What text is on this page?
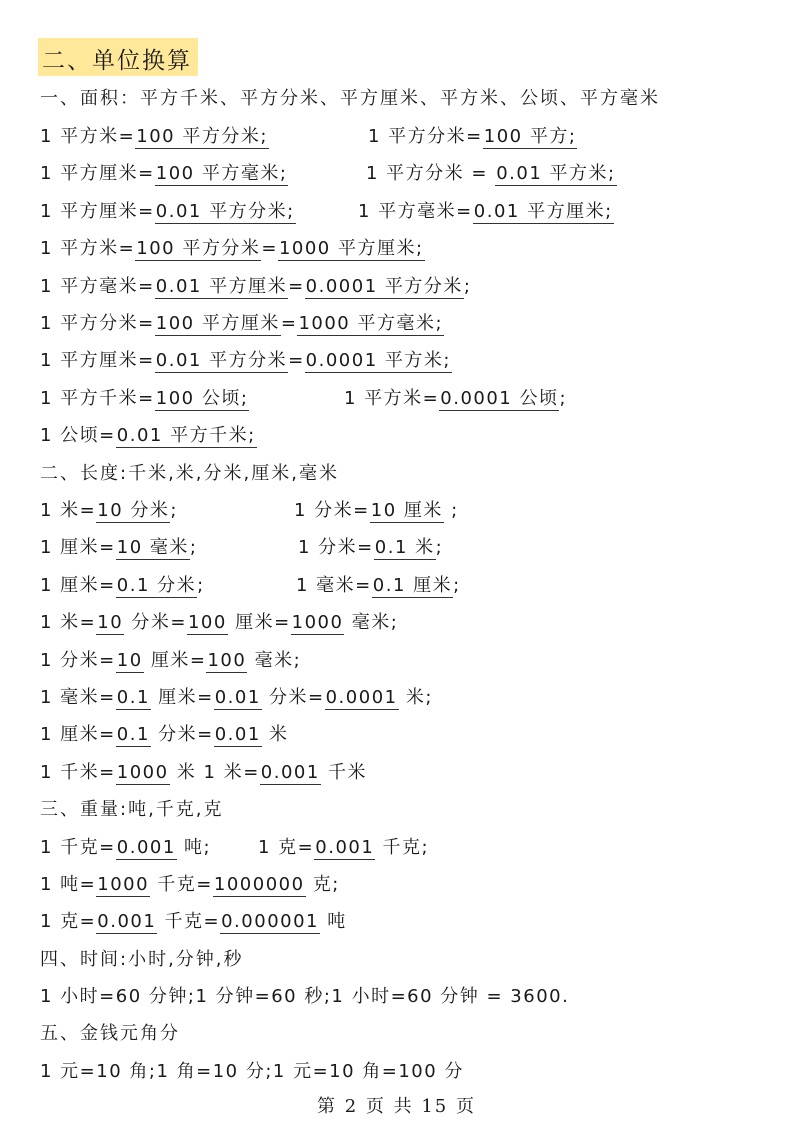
二、单位换算
一、面积：平方千米、平方分米、平方厘米、平方米、公顷、平方毫米
1 平方米=100 平方分米;	1 平方分米=100 平方;
1 平方厘米=100 平方毫米;	1 平方分米 = 0.01 平方米;
1 平方厘米=0.01 平方分米;	1 平方毫米=0.01 平方厘米;
1 平方米=100 平方分米=1000 平方厘米;
1 平方毫米=0.01 平方厘米=0.0001 平方分米;
1 平方分米=100 平方厘米=1000 平方毫米;
1 平方厘米=0.01 平方分米=0.0001 平方米;
1 平方千米=100 公顷;	1 平方米=0.0001 公顷;
1 公顷=0.01 平方千米;
二、长度:千米,米,分米,厘米,毫米
1 米=10 分米;	1 分米=10 厘米 ;
1 厘米=10 毫米;	1 分米=0.1 米;
1 厘米=0.1 分米;	1 毫米=0.1 厘米;
1 米=10 分米=100 厘米=1000 毫米;
1 分米=10 厘米=100 毫米;
1 毫米=0.1 厘米=0.01 分米=0.0001 米;
1 厘米=0.1 分米=0.01 米
1 千米=1000 米 1 米=0.001 千米
三、重量:吨,千克,克
1 千克=0.001 吨;	1 克=0.001 千克;
1 吨=1000 千克=1000000 克;
1 克=0.001 千克=0.000001 吨
四、时间:小时,分钟,秒
1 小时=60 分钟;1 分钟=60 秒;1 小时=60 分钟 = 3600.
五、金钱元角分
1 元=10 角;1 角=10 分;1 元=10 角=100 分
第 2 页 共 15 页
